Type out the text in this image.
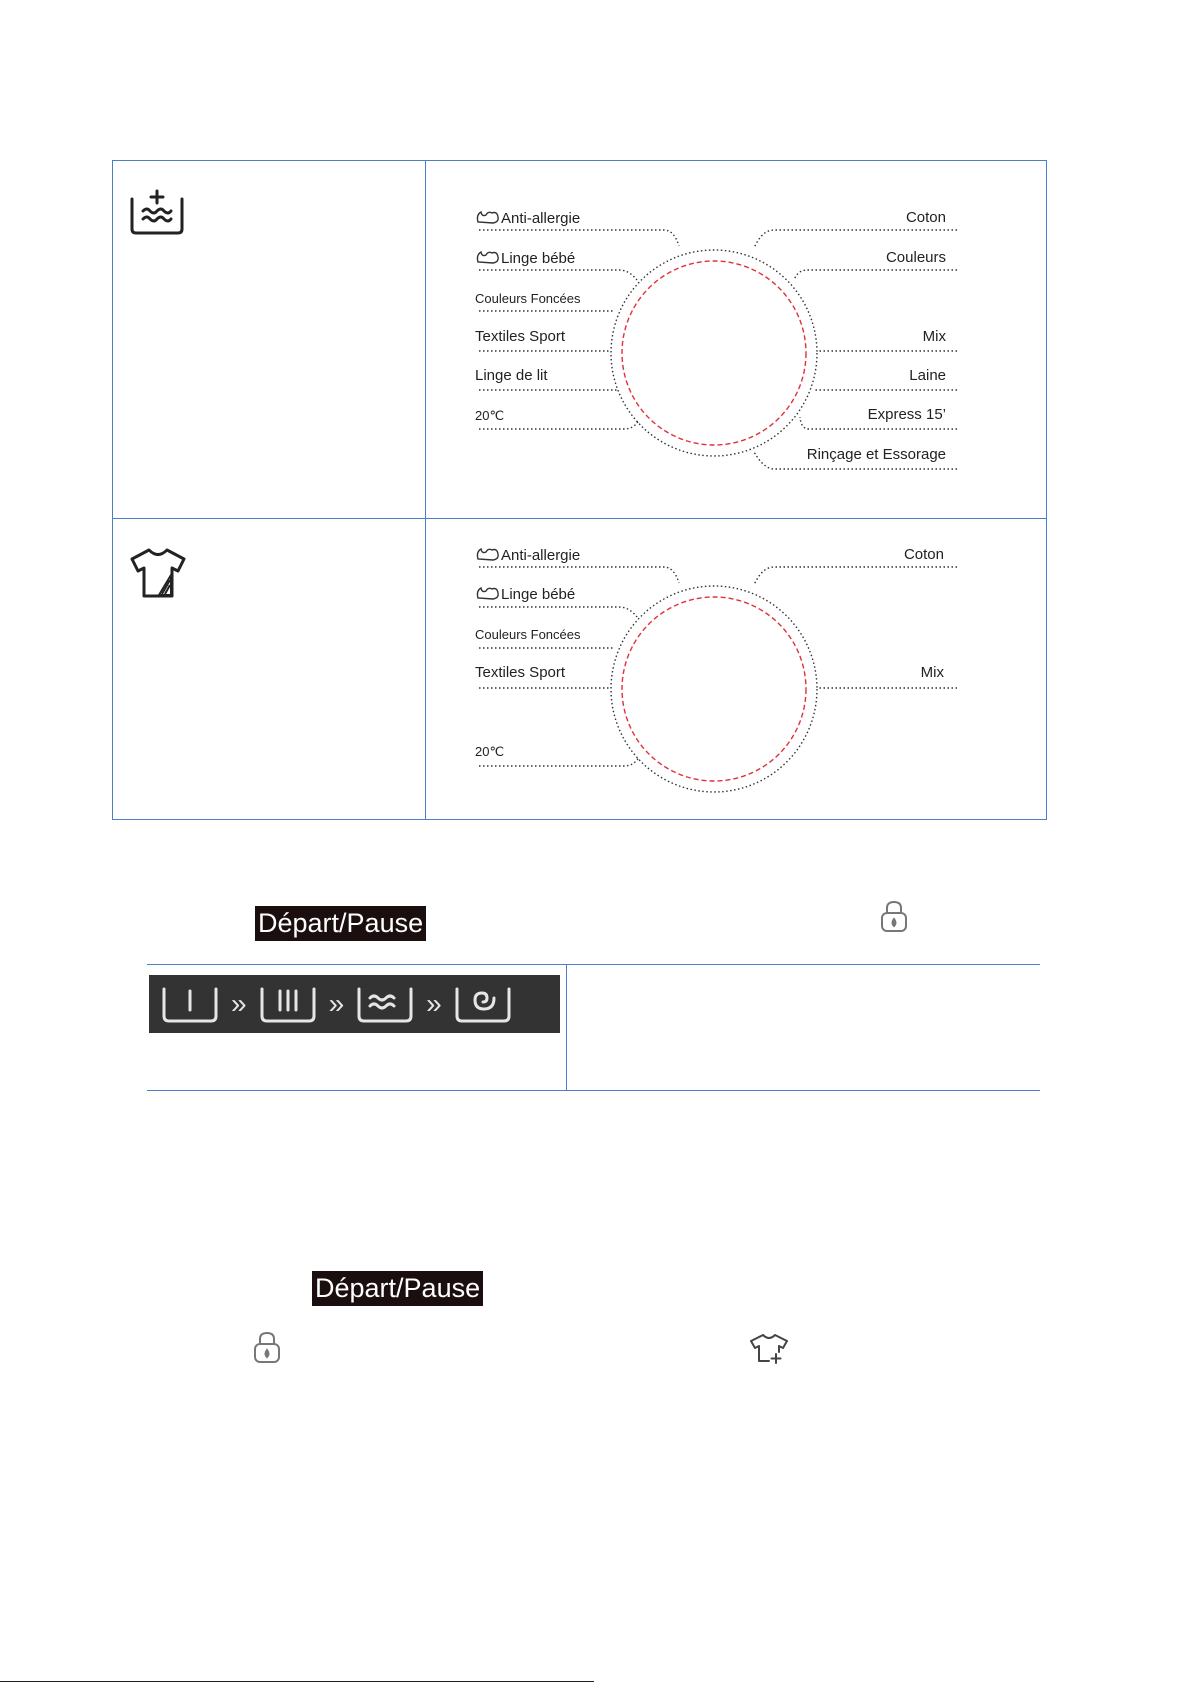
Anti-allergie
Linge bébé
Couleurs Foncées
Textiles Sport
Linge de lit
20℃
Coton
Couleurs
Mix
Laine
Express 15’
Rinçage et Essorage
Anti-allergie
Linge bébé
Couleurs Foncées
Textiles Sport
20℃
Coton
Mix
Départ/Pause
»	»	»
Départ/Pause
